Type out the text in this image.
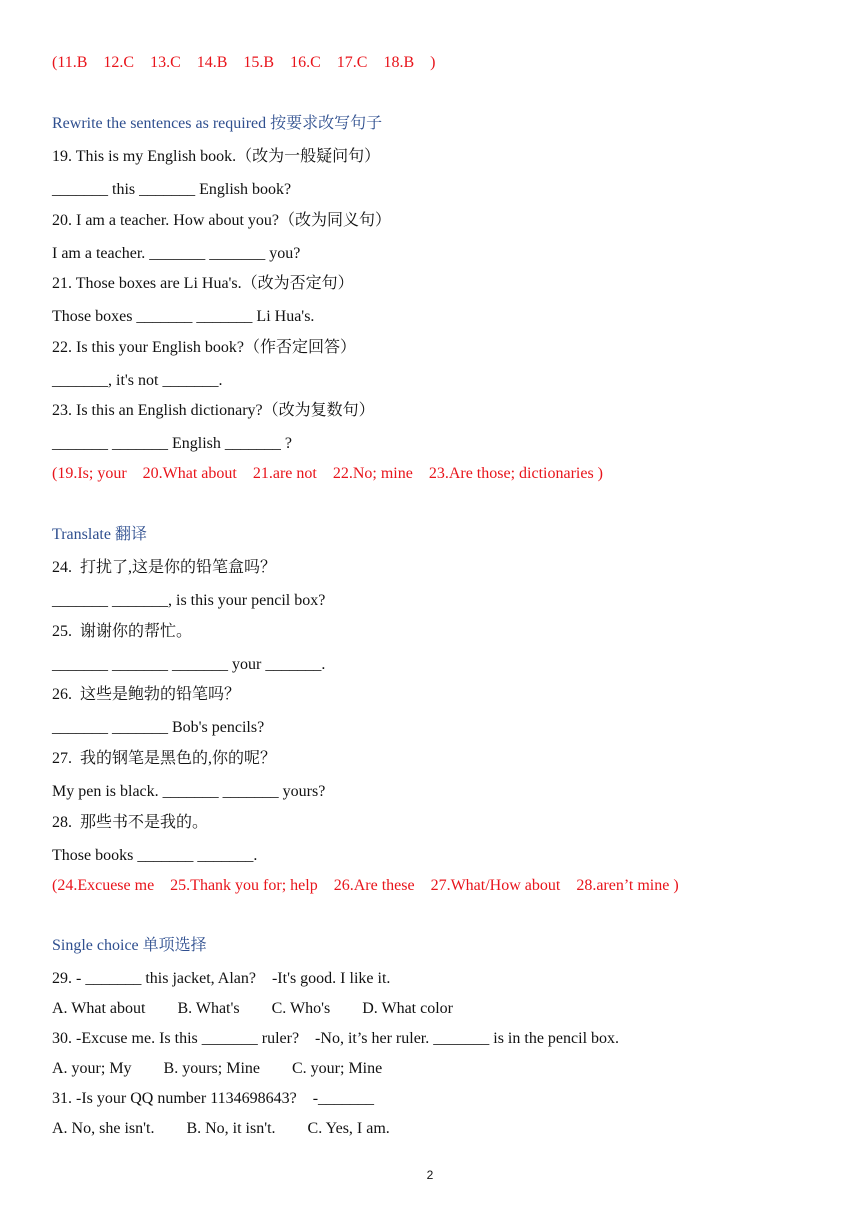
(11.B    12.C    13.C    14.B    15.B    16.C    17.C    18.B    )
Rewrite the sentences as required 按要求改写句子
19. This is my English book.（改为一般疑问句）
_______ this _______ English book?
20. I am a teacher. How about you?（改为同义句）
I am a teacher. _______ _______ you?
21. Those boxes are Li Hua's.（改为否定句）
Those boxes _______ _______ Li Hua's.
22. Is this your English book?（作否定回答）
_______, it's not _______.
23. Is this an English dictionary?（改为复数句）
_______ _______ English _______ ?
(19.Is; your    20.What about    21.are not    22.No; mine    23.Are those; dictionaries )
Translate 翻译
24.  打扰了,这是你的铅笔盒吗？
_______ _______, is this your pencil box?
25.  谢谢你的帮忙。
_______ _______ _______ your _______.
26.  这些是鲍勃的铅笔吗？
_______ _______ Bob's pencils?
27.  我的钢笔是黑色的,你的呢？
My pen is black. _______ _______ yours?
28.  那些书不是我的。
Those books _______ _______.
(24.Excuese me    25.Thank you for; help    26.Are these    27.What/How about    28.aren’t mine )
Single choice 单项选择
29. - _______ this jacket, Alan?    -It's good. I like it.
A. What about        B. What's        C. Who's        D. What color
30. -Excuse me. Is this _______ ruler?    -No, it’s her ruler. _______ is in the pencil box.
A. your; My        B. yours; Mine        C. your; Mine
31. -Is your QQ number 1134698643?    -_______
A. No, she isn't.        B. No, it isn't.        C. Yes, I am.
2
